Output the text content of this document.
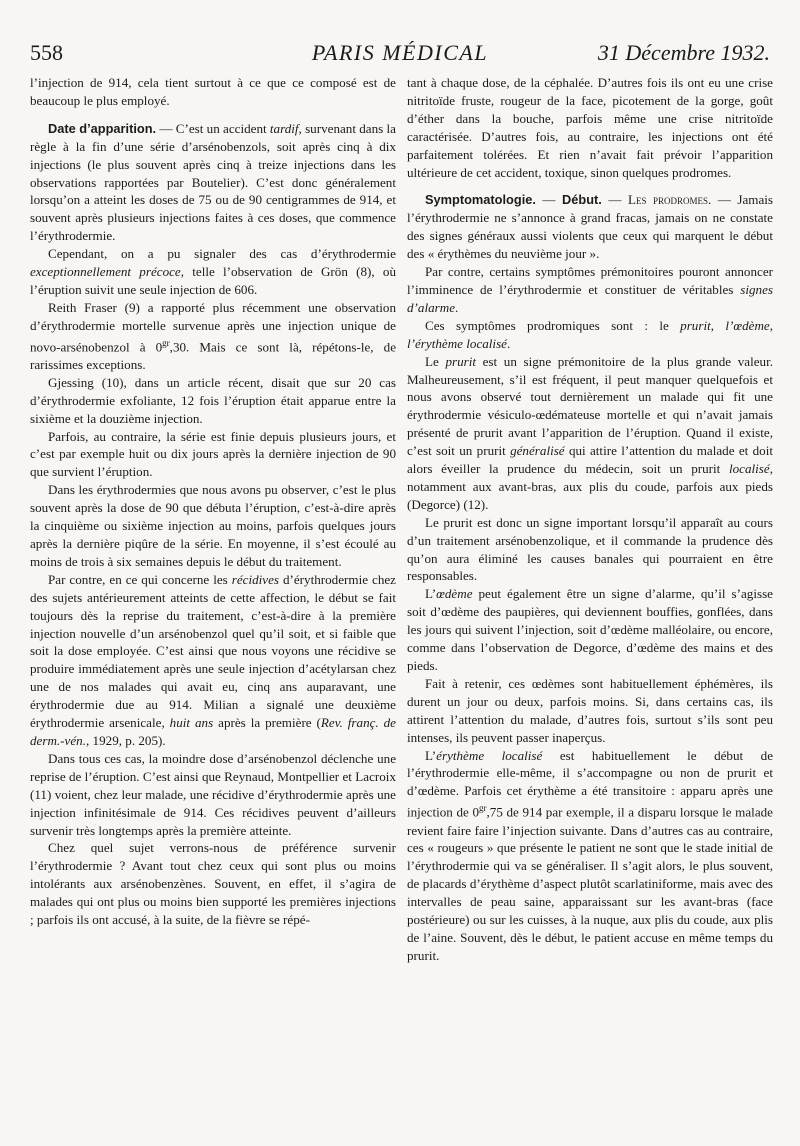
558	PARIS MÉDICAL	31 Décembre 1932.

l’injection de 914, cela tient surtout à ce que ce composé est de beaucoup le plus employé.

Date d’apparition. — C’est un accident tardif, survenant dans la règle à la fin d’une série d’arsénobenzols, soit après cinq à dix injections (le plus souvent après cinq à treize injections dans les observations rapportées par Boutelier). C’est donc généralement lorsqu’on a atteint les doses de 75 ou de 90 centigrammes de 914, et souvent après plusieurs injections faites à ces doses, que commence l’érythrodermie.

Cependant, on a pu signaler des cas d’érythrodermie exceptionnellement précoce, telle l’observation de Grön (8), où l’éruption suivit une seule injection de 606.

Reith Fraser (9) a rapporté plus récemment une observation d’érythrodermie mortelle survenue après une injection unique de novo-arsénobenzol à $0^{gr},30$. Mais ce sont là, répétons-le, de rarissimes exceptions.

Gjessing (10), dans un article récent, disait que sur 20 cas d’érythrodermie exfoliante, 12 fois l’éruption était apparue entre la sixième et la douzième injection.

Parfois, au contraire, la série est finie depuis plusieurs jours, et c’est par exemple huit ou dix jours après la dernière injection de 90 que survient l’éruption.

Dans les érythrodermies que nous avons pu observer, c’est le plus souvent après la dose de 90 que débuta l’éruption, c’est-à-dire après la cinquième ou sixième injection au moins, parfois quelques jours après la dernière piqûre de la série. En moyenne, il s’est écoulé au moins de trois à six semaines depuis le début du traitement.

Par contre, en ce qui concerne les récidives d’érythrodermie chez des sujets antérieurement atteints de cette affection, le début se fait toujours dès la reprise du traitement, c’est-à-dire à la première injection nouvelle d’un arsénobenzol quel qu’il soit, et si faible que soit la dose employée. C’est ainsi que nous voyons une récidive se produire immédiatement après une seule injection d’acétylarsan chez une de nos malades qui avait eu, cinq ans auparavant, une érythrodermie due au 914. Milian a signalé une deuxième érythrodermie arsenicale, huit ans après la première (Rev. franç. de derm.-vén., 1929, p. 205).

Dans tous ces cas, la moindre dose d’arsénobenzol déclenche une reprise de l’éruption. C’est ainsi que Reynaud, Montpellier et Lacroix (11) voient, chez leur malade, une récidive d’érythrodermie après une injection infinitésimale de 914. Ces récidives peuvent d’ailleurs survenir très longtemps après la première atteinte.

Chez quel sujet verrons-nous de préférence survenir l’érythrodermie ? Avant tout chez ceux qui sont plus ou moins intolérants aux arsénobenzènes. Souvent, en effet, il s’agira de malades qui ont plus ou moins bien supporté les premières injections ; parfois ils ont accusé, à la suite, de la fièvre se répé-

tant à chaque dose, de la céphalée. D’autres fois ils ont eu une crise nitritoïde fruste, rougeur de la face, picotement de la gorge, goût d’éther dans la bouche, parfois même une crise nitritoïde caractérisée. D’autres fois, au contraire, les injections ont été parfaitement tolérées. Et rien n’avait fait prévoir l’apparition ultérieure de cet accident, toxique, sinon quelques prodromes.

Symptomatologie. — Début. — Les prodromes. — Jamais l’érythrodermie ne s’annonce à grand fracas, jamais on ne constate des signes généraux aussi violents que ceux qui marquent le début des « érythèmes du neuvième jour ».

Par contre, certains symptômes prémonitoires pouront annoncer l’imminence de l’érythrodermie et constituer de véritables signes d’alarme.

Ces symptômes prodromiques sont : le prurit, l’œdème, l’érythème localisé.

Le prurit est un signe prémonitoire de la plus grande valeur. Malheureusement, s’il est fréquent, il peut manquer quelquefois et nous avons observé tout dernièrement un malade qui fit une érythrodermie vésiculo-œdémateuse mortelle et qui n’avait jamais présenté de prurit avant l’apparition de l’éruption. Quand il existe, c’est soit un prurit généralisé qui attire l’attention du malade et doit alors éveiller la prudence du médecin, soit un prurit localisé, notamment aux avant-bras, aux plis du coude, parfois aux pieds (Degorce) (12).

Le prurit est donc un signe important lorsqu’il apparaît au cours d’un traitement arsénobenzolique, et il commande la prudence dès qu’on aura éliminé les causes banales qui pourraient en être responsables.

L’œdème peut également être un signe d’alarme, qu’il s’agisse soit d’œdème des paupières, qui deviennent bouffies, gonflées, dans les jours qui suivent l’injection, soit d’œdème malléolaire, ou encore, comme dans l’observation de Degorce, d’œdème des mains et des pieds.

Fait à retenir, ces œdèmes sont habituellement éphémères, ils durent un jour ou deux, parfois moins. Si, dans certains cas, ils attirent l’attention du malade, d’autres fois, surtout s’ils sont peu intenses, ils peuvent passer inaperçus.

L’érythème localisé est habituellement le début de l’érythrodermie elle-même, il s’accompagne ou non de prurit et d’œdème. Parfois cet érythème a été transitoire : apparu après une injection de $0^{gr},75$ de 914 par exemple, il a disparu lorsque le malade revient faire faire l’injection suivante. Dans d’autres cas au contraire, ces « rougeurs » que présente le patient ne sont que le stade initial de l’érythrodermie qui va se généraliser. Il s’agit alors, le plus souvent, de placards d’érythème d’aspect plutôt scarlatiniforme, mais avec des intervalles de peau saine, apparaissant sur les avant-bras (face postérieure) ou sur les cuisses, à la nuque, aux plis du coude, aux plis de l’aine. Souvent, dès le début, le patient accuse en même temps du prurit.
